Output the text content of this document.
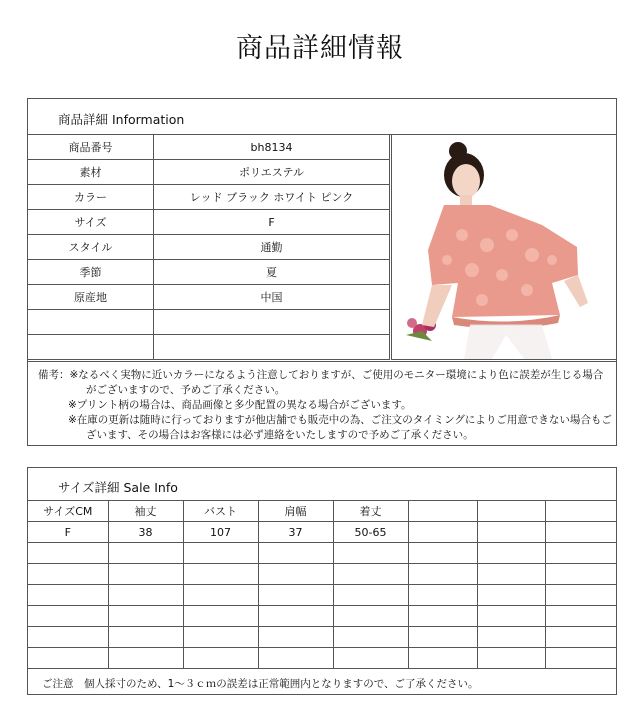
商品詳細情報
商品詳細 Information
商品番号	bh8134
素材	ポリエステル
カラー	レッド ブラック ホワイト ピンク
サイズ	F
スタイル	通勤
季節	夏
原産地	中国

備考：※なるべく実物に近いカラーになるよう注意しておりますが、ご使用のモニター環境により色に誤差が生じる場合
がございますので、予めご了承ください。
※プリント柄の場合は、商品画像と多少配置の異なる場合がございます。
※在庫の更新は随時に行っておりますが他店舗でも販売中の為、ご注文のタイミングによりご用意できない場合もご
ざいます、その場合はお客様には必ず連絡をいたしますので予めご了承ください。
サイズ詳細 Sale Info
サイズCM	袖丈	バスト	肩幅	着丈			
F	38	107	37	50-65			

ご注意　個人採寸のため、1～３ｃｍの誤差は正常範囲内となりますので、ご了承ください。
